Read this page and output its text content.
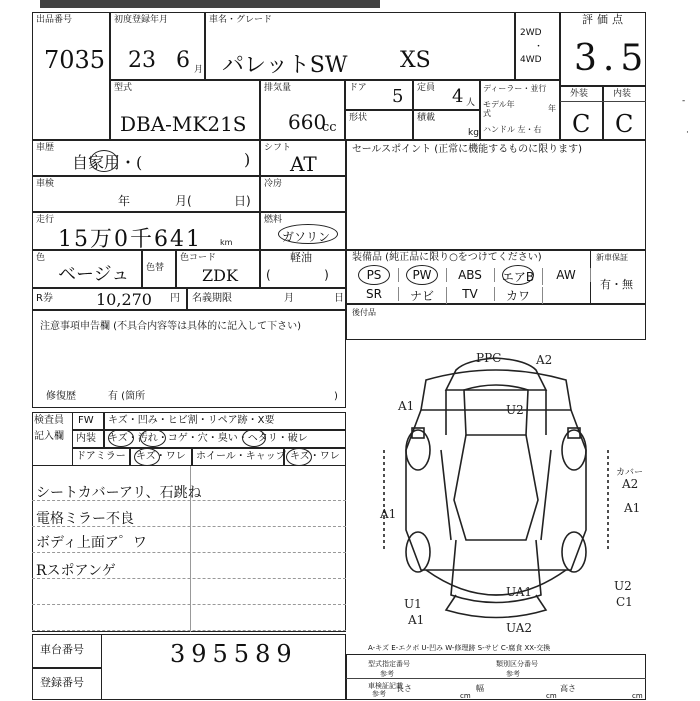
出品番号
7035
初度登録年月
23 6 月
車名・グレード
パレットSW XS
2WD
・
4WD
評価点
3.5
型式
DBA-MK21S
排気量
660
cc
ドア 5 定員 4 人
形状	積載
kg
ディーラー・並行
モデル年式
年
ハンドル 左・右
外装	内装
C C
車歴
自家用・(	)
シフト
AT
車検
年	月(	日)
冷房
走行
15万0千641 km
燃料
ガソリン
色
ベージュ 色替
色コード
ZDK
軽油
(              )
R券	10,270 円 名義期限	月	日
注意事項申告欄 (不具合内容等は具体的に記入して下さい)
修復歴	有 (箇所	)
セールスポイント (正常に機能するものに限ります)
装備品 (純正品に限り○をつけてください)	新車保証
有・無
PS	PW	ABS	エアB	AW
SR	ナビ	TV	カワ
後付品
検査員
記入欄
FW キズ・凹み・ヒビ割・リペア跡・X要
内装 キズ・汚れ・コゲ・穴・臭い・ヘタリ・破レ
ドアミラー キズ・ワレ ホイール・キャップ キズ・ワレ
シートカバーアリ、石跳ね
電格ミラー不良
ボディ上面ア゜ワ
Rスポアンゲ
PPC	A2
A1	U2
カバー
A2
A1
A1
U2
C1
U1
A1
UA1
UA2
A-キズ E-エクボ U-凹み W-修理跡 S-サビ C-腐食 XX-交換
車台番号	395589
登録番号
型式指定番号
参考
類別区分番号
参考
車検証記載
参考
長さ
cm
幅
cm
高さ
cm
-
·
